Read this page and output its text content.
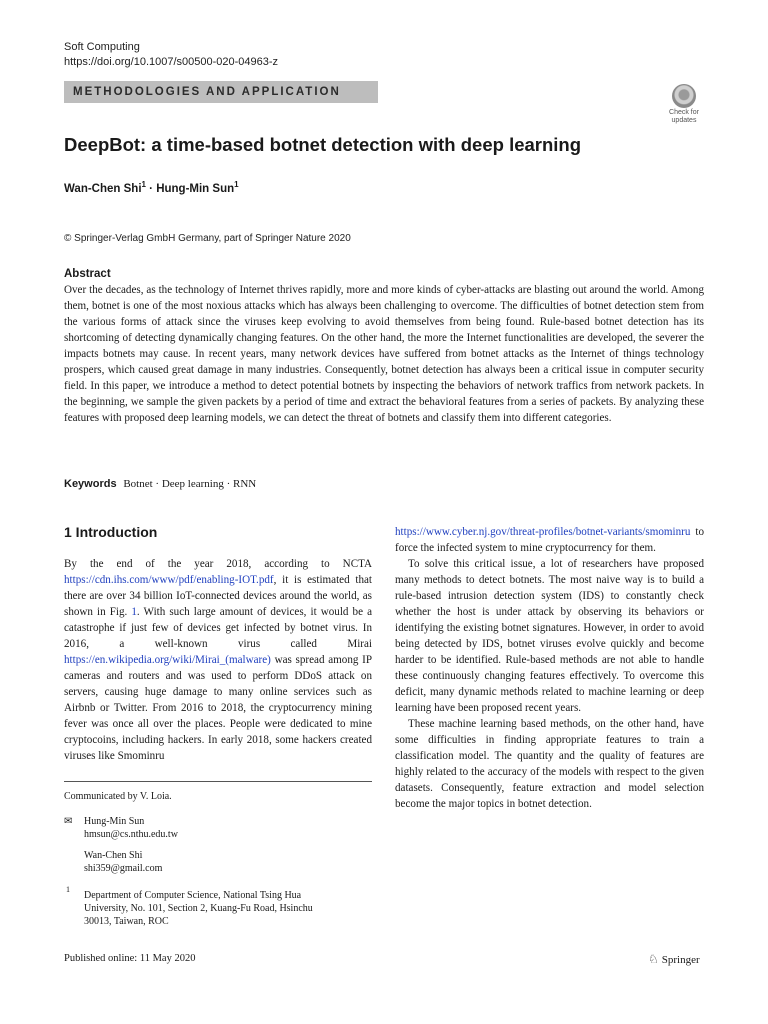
Soft Computing
https://doi.org/10.1007/s00500-020-04963-z
METHODOLOGIES AND APPLICATION
Check for
updates
DeepBot: a time-based botnet detection with deep learning
Wan-Chen Shi$^1$ · Hung-Min Sun$^1$
© Springer-Verlag GmbH Germany, part of Springer Nature 2020
Abstract
Over the decades, as the technology of Internet thrives rapidly, more and more kinds of cyber-attacks are blasting out around the world. Among them, botnet is one of the most noxious attacks which has always been challenging to overcome. The difficulties of botnet detection stem from the various forms of attack since the viruses keep evolving to avoid themselves from being found. Rule-based botnet detection has its shortcoming of detecting dynamically changing features. On the other hand, the more the Internet functionalities are developed, the severer the impacts botnets may cause. In recent years, many network devices have suffered from botnet attacks as the Internet of things technology prospers, which caused great damage in many industries. Consequently, botnet detection has always been a critical issue in computer security field. In this paper, we introduce a method to detect potential botnets by inspecting the behaviors of network traffics from network packets. In the beginning, we sample the given packets by a period of time and extract the behavioral features from a series of packets. By analyzing these features with proposed deep learning models, we can detect the threat of botnets and classify them into different categories.
Keywords Botnet · Deep learning · RNN
1 Introduction

By the end of the year 2018, according to NCTA https://cdn.ihs.com/www/pdf/enabling-IOT.pdf, it is estimated that there are over 34 billion IoT-connected devices around the world, as shown in Fig. 1. With such large amount of devices, it would be a catastrophe if just few of devices get infected by botnet virus. In 2016, a well-known virus called Mirai https://en.wikipedia.org/wiki/Mirai_(malware) was spread among IP cameras and routers and was used to perform DDoS attack on servers, causing huge damage to many online services such as Airbnb or Twitter. From 2016 to 2018, the cryptocurrency mining fever was once all over the places. People were dedicated to mine cryptocoins, including hackers. In early 2018, some hackers created viruses like Smominru

https://www.cyber.nj.gov/threat-profiles/botnet-variants/smominru to force the infected system to mine cryptocurrency for them.

To solve this critical issue, a lot of researchers have proposed many methods to detect botnets. The most naive way is to build a rule-based intrusion detection system (IDS) to constantly check whether the host is under attack by observing its behaviors or identifying the existing botnet signatures. However, in order to avoid being detected by IDS, botnet viruses evolve quickly and become harder to be identified. Rule-based methods are not able to handle these continuously changing features effectively. To overcome this deficit, many dynamic methods related to machine learning or deep learning have been proposed recent years.

These machine learning based methods, on the other hand, have some difficulties in finding appropriate features to train a classification model. The quantity and the quality of features are highly related to the accuracy of the models with respect to the given datasets. Consequently, feature extraction and model selection become the major topics in botnet detection.

Communicated by V. Loia.
✉ Hung-Min Sun
hmsun@cs.nthu.edu.tw
Wan-Chen Shi
shi359@gmail.com
1
Department of Computer Science, National Tsing Hua
University, No. 101, Section 2, Kuang-Fu Road, Hsinchu
30013, Taiwan, ROC
Published online: 11 May 2020	♘ Springer
